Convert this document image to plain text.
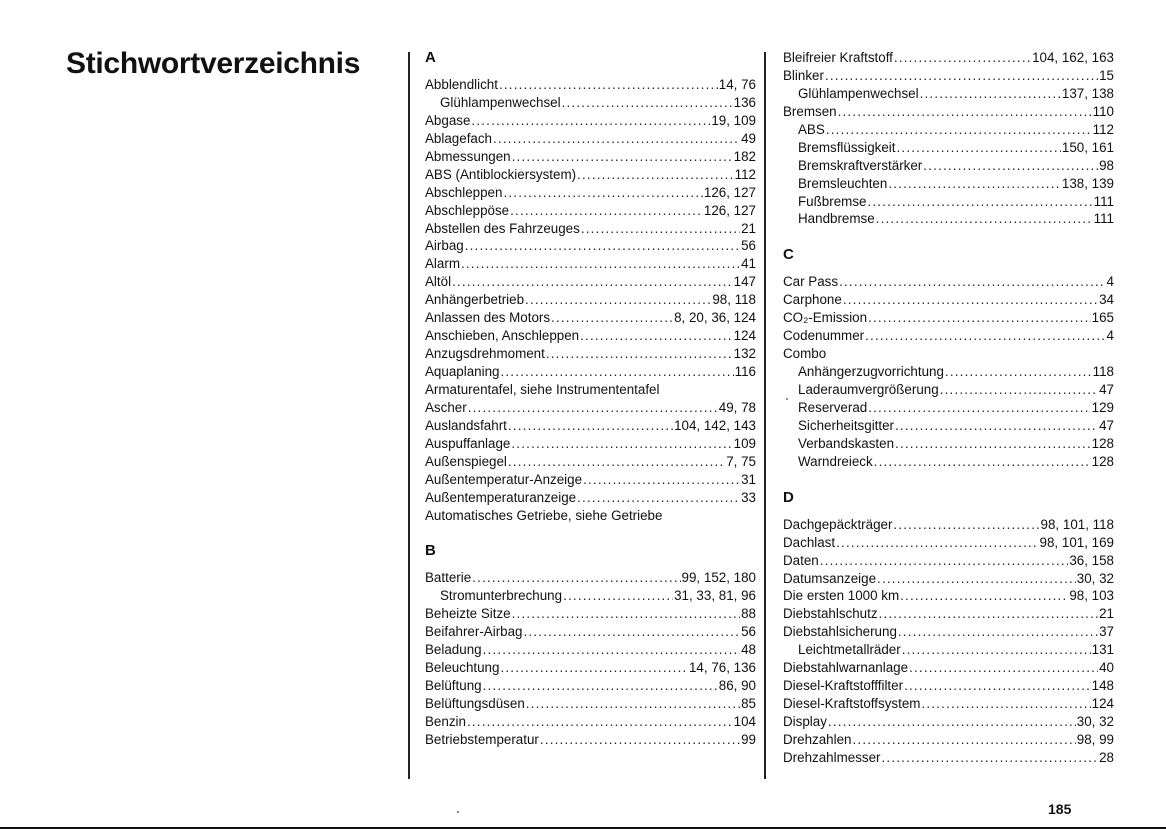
Stichwortverzeichnis	A
Abblendlicht .....	14, 76
Glühlampenwechsel .....	136
Abgase .....	19, 109
Ablagefach .....	49
Abmessungen .....	182
ABS (Antiblockiersystem) .....	112
Abschleppen .....	126, 127
Abschleppöse .....	126, 127
Abstellen des Fahrzeuges .....	21
Airbag .....	56
Alarm .....	41
Altöl .....	147
Anhängerbetrieb .....	98, 118
Anlassen des Motors .....	8, 20, 36, 124
Anschieben, Anschleppen .....	124
Anzugsdrehmoment .....	132
Aquaplaning .....	116
Armaturentafel, siehe Instrumententafel
Ascher .....	49, 78
Auslandsfahrt .....	104, 142, 143
Auspuffanlage .....	109
Außenspiegel .....	7, 75
Außentemperatur-Anzeige .....	31
Außentemperaturanzeige .....	33
Automatisches Getriebe, siehe Getriebe
B
Batterie .....	99, 152, 180
Stromunterbrechung .....	31, 33, 81, 96
Beheizte Sitze .....	88
Beifahrer-Airbag .....	56
Beladung .....	48
Beleuchtung .....	14, 76, 136
Belüftung .....	86, 90
Belüftungsdüsen .....	85
Benzin .....	104
Betriebstemperatur .....	99
Bleifreier Kraftstoff .....	104, 162, 163
Blinker .....	15
Glühlampenwechsel .....	137, 138
Bremsen .....	110
ABS .....	112
Bremsflüssigkeit .....	150, 161
Bremskraftverstärker .....	98
Bremsleuchten .....	138, 139
Fußbremse .....	111
Handbremse .....	111
C
Car Pass .....	4
Carphone .....	34
CO₂-Emission .....	165
Codenummer .....	4
Combo
Anhängerzugvorrichtung .....	118
Laderaumvergrößerung .....	47
Reserverad .....	129
Sicherheitsgitter .....	47
Verbandskasten .....	128
Warndreieck .....	128
D
Dachgepäckträger .....	98, 101, 118
Dachlast .....	98, 101, 169
Daten .....	36, 158
Datumsanzeige .....	30, 32
Die ersten 1000 km .....	98, 103
Diebstahlschutz .....	21
Diebstahlsicherung .....	37
Leichtmetallräder .....	131
Diebstahlwarnanlage .....	40
Diesel-Kraftstofffilter .....	148
Diesel-Kraftstoffsystem .....	124
Display .....	30, 32
Drehzahlen .....	98, 99
Drehzahlmesser .....	28
185
